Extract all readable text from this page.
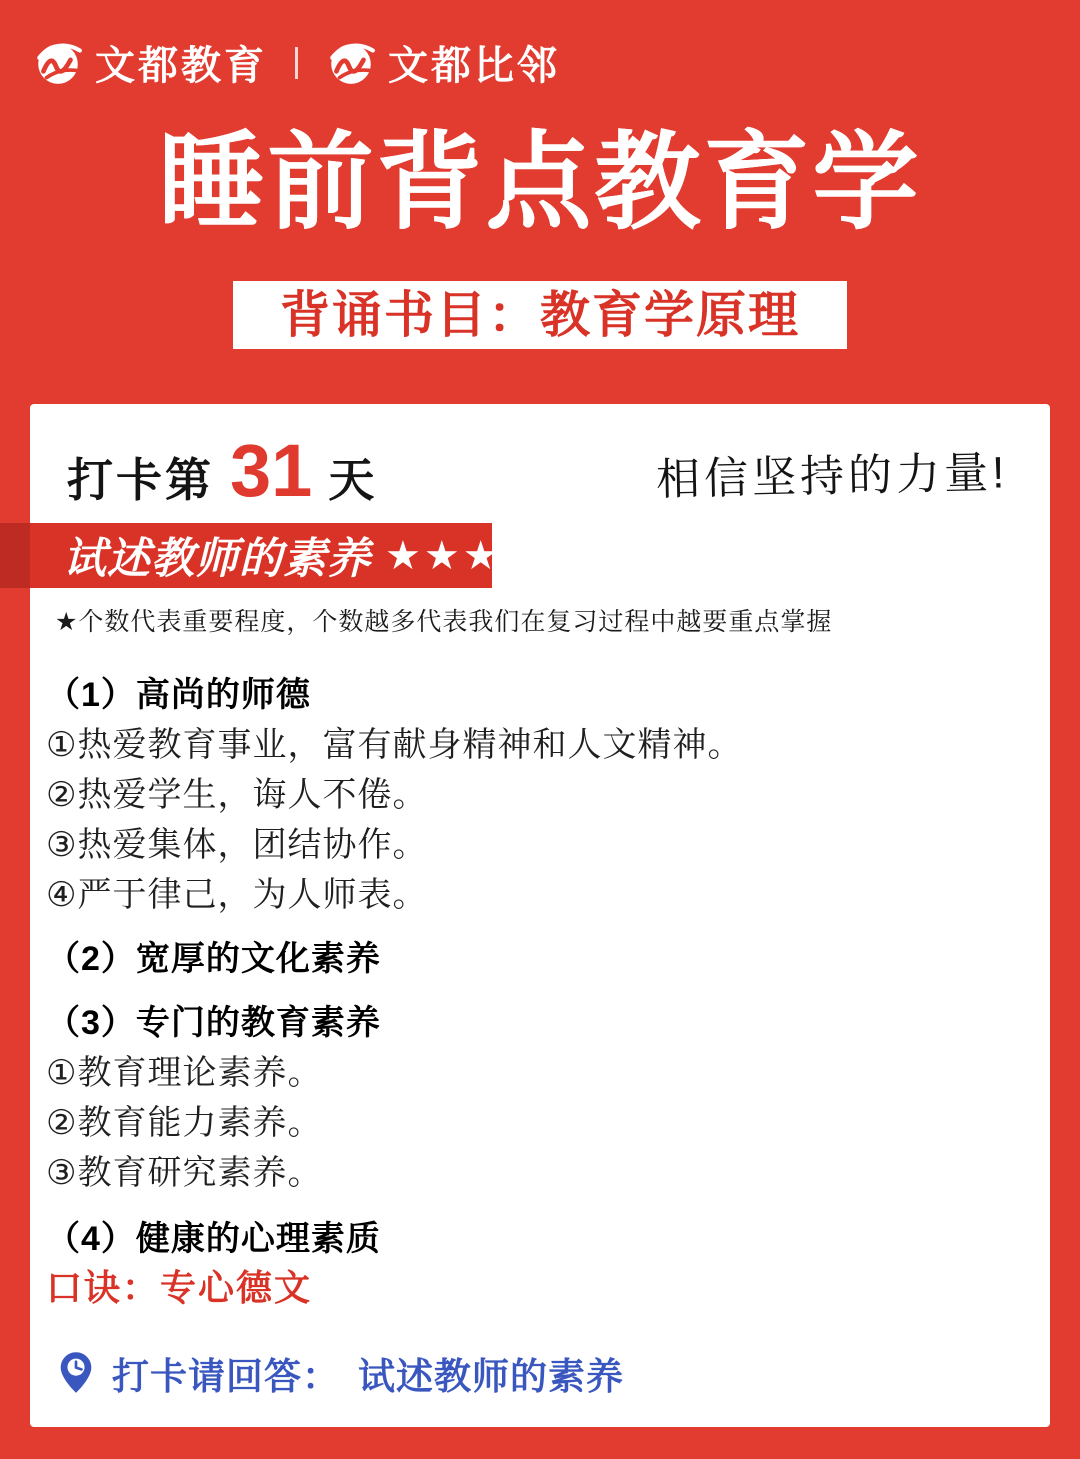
文都教育	文都比邻
睡前背点教育学
背诵书目：教育学原理
打卡第 31 天	相信坚持的力量!
试述教师的素养 ★★★

★个数代表重要程度，个数越多代表我们在复习过程中越要重点掌握

（1）高尚的师德

①热爱教育事业，富有献身精神和人文精神。

②热爱学生，诲人不倦。

③热爱集体，团结协作。

④严于律己，为人师表。

（2）宽厚的文化素养

（3）专门的教育素养

①教育理论素养。

②教育能力素养。

③教育研究素养。

（4）健康的心理素质

口诀：专心德文

打卡请回答： 试述教师的素养
